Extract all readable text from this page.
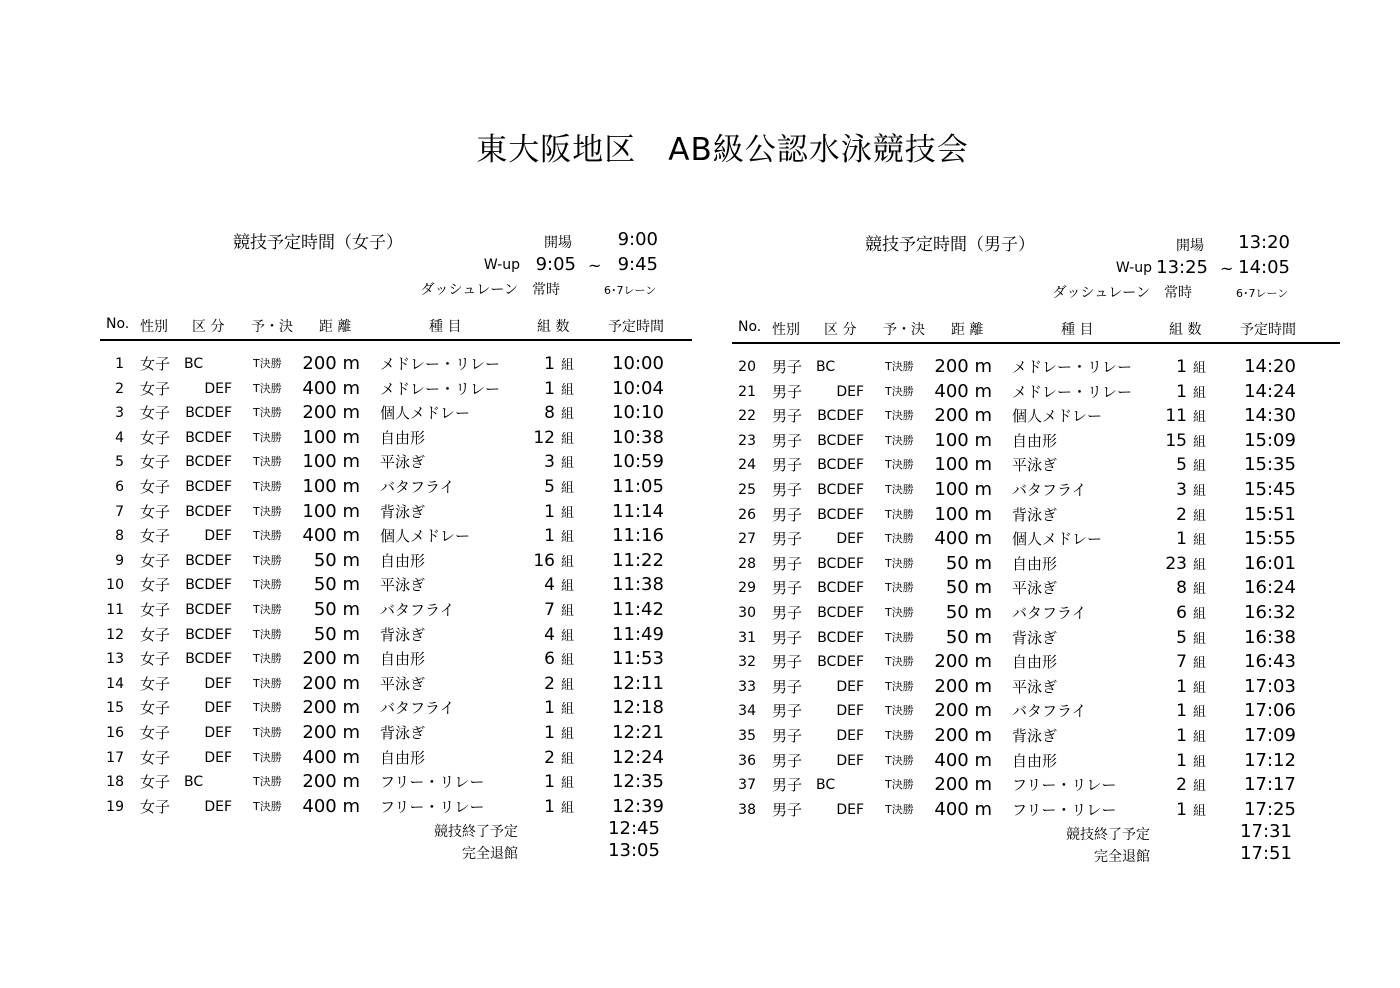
東大阪地区　AB級公認水泳競技会
競技予定時間（女子）	開場	9:00
W-up 9:05 ~ 9:45
ダッシュレーン 常時	6･7レーン
No. 性別 区 分 予・決 距 離	種 目	組 数	予定時間
1 女子 BC	T決勝	200 m メドレー・リレー	1 組 10:00
2 女子	DEF T決勝	400 m メドレー・リレー	1 組 10:04
3 女子 BCDEF T決勝	200 m 個人メドレー	8 組 10:10
4 女子 BCDEF T決勝	100 m 自由形	12 組 10:38
5 女子 BCDEF T決勝	100 m 平泳ぎ	3 組 10:59
6 女子 BCDEF T決勝	100 m バタフライ	5 組 11:05
7 女子 BCDEF T決勝	100 m 背泳ぎ	1 組 11:14
8 女子	DEF T決勝	400 m 個人メドレー	1 組 11:16
9 女子 BCDEF T決勝	50 m 自由形	16 組 11:22
10 女子 BCDEF T決勝	50 m 平泳ぎ	4 組 11:38
11 女子 BCDEF T決勝	50 m バタフライ	7 組 11:42
12 女子 BCDEF T決勝	50 m 背泳ぎ	4 組 11:49
13 女子 BCDEF T決勝	200 m 自由形	6 組 11:53
14 女子	DEF T決勝	200 m 平泳ぎ	2 組 12:11
15 女子	DEF T決勝	200 m バタフライ	1 組 12:18
16 女子	DEF T決勝	200 m 背泳ぎ	1 組 12:21
17 女子	DEF T決勝	400 m 自由形	2 組 12:24
18 女子 BC	T決勝	200 m フリー・リレー	1 組 12:35
19 女子	DEF T決勝	400 m フリー・リレー	1 組 12:39
競技終了予定	12:45
完全退館	13:05
競技予定時間（男子）	開場	13:20
W-up 13:25 ~ 14:05
ダッシュレーン 常時	6･7レーン
No. 性別 区 分 予・決 距 離	種 目	組 数	予定時間
20 男子 BC	T決勝	200 m メドレー・リレー	1 組 14:20
21 男子	DEF T決勝	400 m メドレー・リレー	1 組 14:24
22 男子 BCDEF T決勝	200 m 個人メドレー	11 組 14:30
23 男子 BCDEF T決勝	100 m 自由形	15 組 15:09
24 男子 BCDEF T決勝	100 m 平泳ぎ	5 組 15:35
25 男子 BCDEF T決勝	100 m バタフライ	3 組 15:45
26 男子 BCDEF T決勝	100 m 背泳ぎ	2 組 15:51
27 男子	DEF T決勝	400 m 個人メドレー	1 組 15:55
28 男子 BCDEF T決勝	50 m 自由形	23 組 16:01
29 男子 BCDEF T決勝	50 m 平泳ぎ	8 組 16:24
30 男子 BCDEF T決勝	50 m バタフライ	6 組 16:32
31 男子 BCDEF T決勝	50 m 背泳ぎ	5 組 16:38
32 男子 BCDEF T決勝	200 m 自由形	7 組 16:43
33 男子	DEF T決勝	200 m 平泳ぎ	1 組 17:03
34 男子	DEF T決勝	200 m バタフライ	1 組 17:06
35 男子	DEF T決勝	200 m 背泳ぎ	1 組 17:09
36 男子	DEF T決勝	400 m 自由形	1 組 17:12
37 男子 BC	T決勝	200 m フリー・リレー	2 組 17:17
38 男子	DEF T決勝	400 m フリー・リレー	1 組 17:25
競技終了予定	17:31
完全退館	17:51
